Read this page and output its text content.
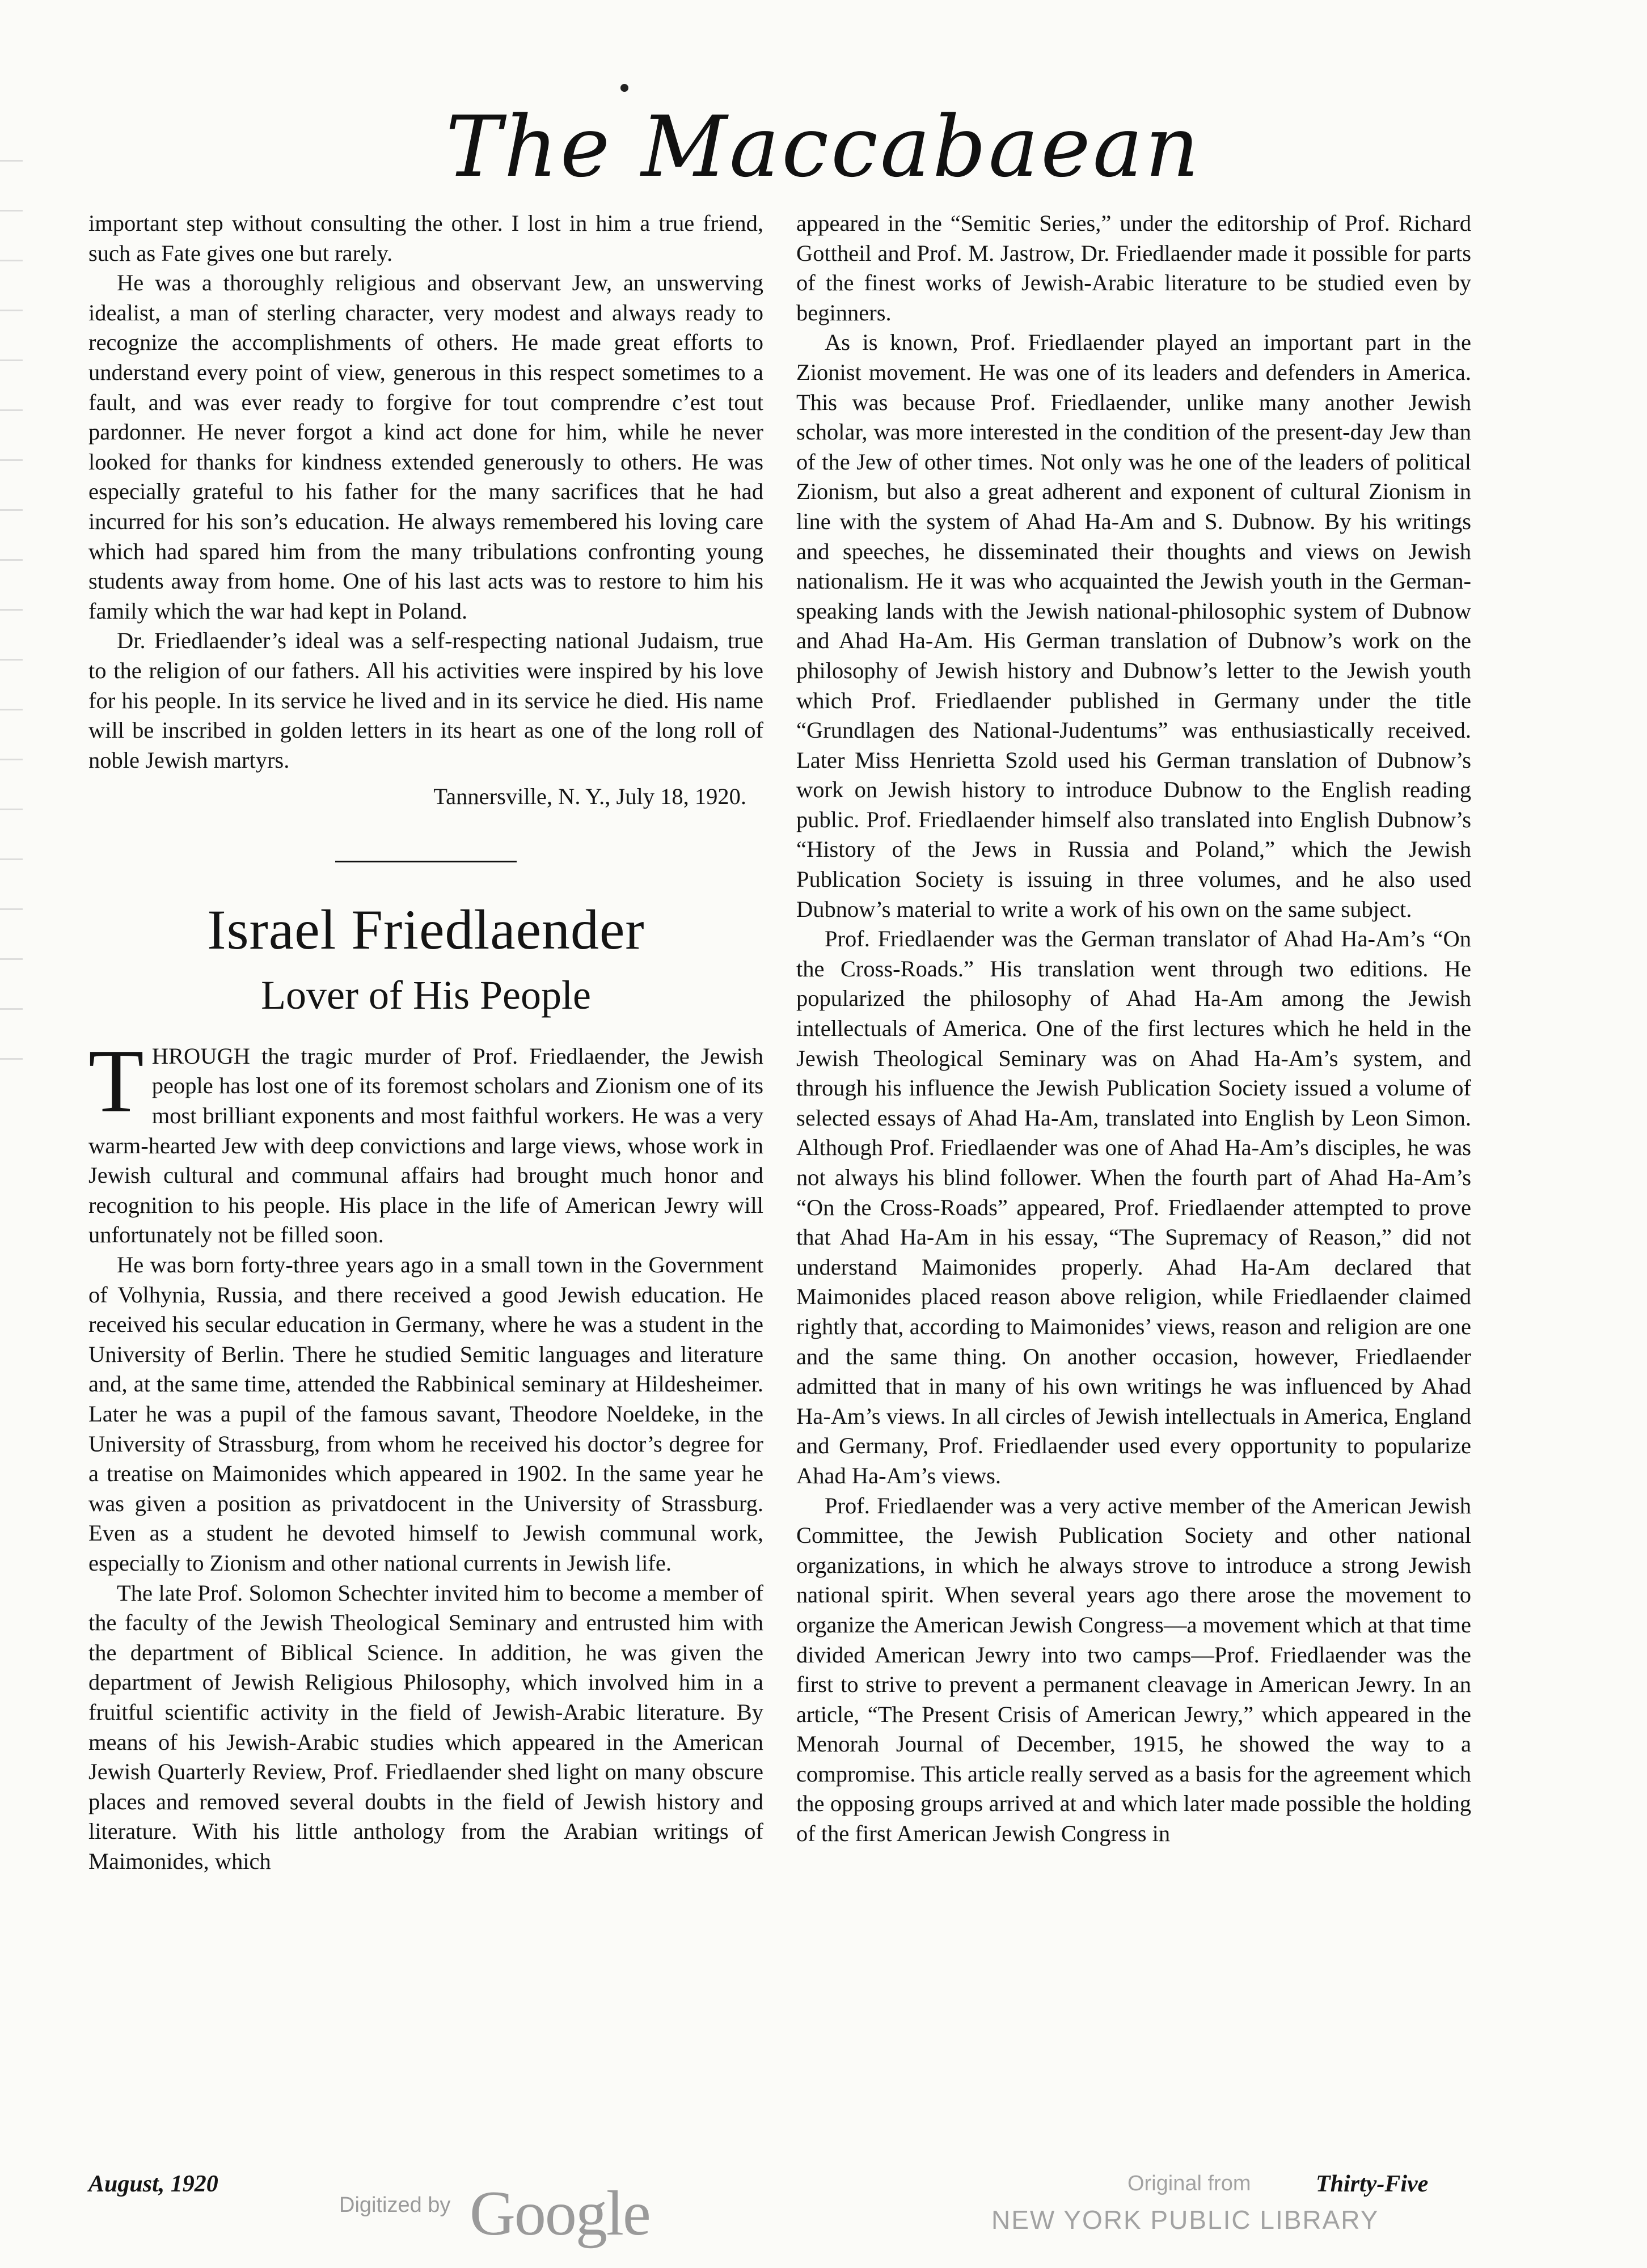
The Maccabaean

important step without consulting the other. I lost in him a true friend, such as Fate gives one but rarely.

He was a thoroughly religious and observant Jew, an unswerving idealist, a man of sterling character, very modest and always ready to recognize the accomplishments of others. He made great efforts to understand every point of view, generous in this respect sometimes to a fault, and was ever ready to forgive for tout comprendre c’est tout pardonner. He never forgot a kind act done for him, while he never looked for thanks for kindness extended generously to others. He was especially grateful to his father for the many sacrifices that he had incurred for his son’s education. He always remembered his loving care which had spared him from the many tribulations confronting young students away from home. One of his last acts was to restore to him his family which the war had kept in Poland.

Dr. Friedlaender’s ideal was a self-respecting national Judaism, true to the religion of our fathers. All his activities were inspired by his love for his people. In its service he lived and in its service he died. His name will be inscribed in golden letters in its heart as one of the long roll of noble Jewish martyrs.

Tannersville, N. Y., July 18, 1920.
Israel Friedlaender
Lover of His People

THROUGH the tragic murder of Prof. Friedlaender, the Jewish people has lost one of its foremost scholars and Zionism one of its most brilliant exponents and most faithful workers. He was a very warm-hearted Jew with deep convictions and large views, whose work in Jewish cultural and communal affairs had brought much honor and recognition to his people. His place in the life of American Jewry will unfortunately not be filled soon.

He was born forty-three years ago in a small town in the Government of Volhynia, Russia, and there received a good Jewish education. He received his secular education in Germany, where he was a student in the University of Berlin. There he studied Semitic languages and literature and, at the same time, attended the Rabbinical seminary at Hildesheimer. Later he was a pupil of the famous savant, Theodore Noeldeke, in the University of Strassburg, from whom he received his doctor’s degree for a treatise on Maimonides which appeared in 1902. In the same year he was given a position as privatdocent in the University of Strassburg. Even as a student he devoted himself to Jewish communal work, especially to Zionism and other national currents in Jewish life.

The late Prof. Solomon Schechter invited him to become a member of the faculty of the Jewish Theological Seminary and entrusted him with the department of Biblical Science. In addition, he was given the department of Jewish Religious Philosophy, which involved him in a fruitful scientific activity in the field of Jewish-Arabic literature. By means of his Jewish-Arabic studies which appeared in the American Jewish Quarterly Review, Prof. Friedlaender shed light on many obscure places and removed several doubts in the field of Jewish history and literature. With his little anthology from the Arabian writings of Maimonides, which

appeared in the “Semitic Series,” under the editorship of Prof. Richard Gottheil and Prof. M. Jastrow, Dr. Friedlaender made it possible for parts of the finest works of Jewish-Arabic literature to be studied even by beginners.

As is known, Prof. Friedlaender played an important part in the Zionist movement. He was one of its leaders and defenders in America. This was because Prof. Friedlaender, unlike many another Jewish scholar, was more interested in the condition of the present-day Jew than of the Jew of other times. Not only was he one of the leaders of political Zionism, but also a great adherent and exponent of cultural Zionism in line with the system of Ahad Ha-Am and S. Dubnow. By his writings and speeches, he disseminated their thoughts and views on Jewish nationalism. He it was who acquainted the Jewish youth in the German-speaking lands with the Jewish national-philosophic system of Dubnow and Ahad Ha-Am. His German translation of Dubnow’s work on the philosophy of Jewish history and Dubnow’s letter to the Jewish youth which Prof. Friedlaender published in Germany under the title “Grundlagen des National-Judentums” was enthusiastically received. Later Miss Henrietta Szold used his German translation of Dubnow’s work on Jewish history to introduce Dubnow to the English reading public. Prof. Friedlaender himself also translated into English Dubnow’s “History of the Jews in Russia and Poland,” which the Jewish Publication Society is issuing in three volumes, and he also used Dubnow’s material to write a work of his own on the same subject.

Prof. Friedlaender was the German translator of Ahad Ha-Am’s “On the Cross-Roads.” His translation went through two editions. He popularized the philosophy of Ahad Ha-Am among the Jewish intellectuals of America. One of the first lectures which he held in the Jewish Theological Seminary was on Ahad Ha-Am’s system, and through his influence the Jewish Publication Society issued a volume of selected essays of Ahad Ha-Am, translated into English by Leon Simon. Although Prof. Friedlaender was one of Ahad Ha-Am’s disciples, he was not always his blind follower. When the fourth part of Ahad Ha-Am’s “On the Cross-Roads” appeared, Prof. Friedlaender attempted to prove that Ahad Ha-Am in his essay, “The Supremacy of Reason,” did not understand Maimonides properly. Ahad Ha-Am declared that Maimonides placed reason above religion, while Friedlaender claimed rightly that, according to Maimonides’ views, reason and religion are one and the same thing. On another occasion, however, Friedlaender admitted that in many of his own writings he was influenced by Ahad Ha-Am’s views. In all circles of Jewish intellectuals in America, England and Germany, Prof. Friedlaender used every opportunity to popularize Ahad Ha-Am’s views.

Prof. Friedlaender was a very active member of the American Jewish Committee, the Jewish Publication Society and other national organizations, in which he always strove to introduce a strong Jewish national spirit. When several years ago there arose the movement to organize the American Jewish Congress—a movement which at that time divided American Jewry into two camps—Prof. Friedlaender was the first to strive to prevent a permanent cleavage in American Jewry. In an article, “The Present Crisis of American Jewry,” which appeared in the Menorah Journal of December, 1915, he showed the way to a compromise. This article really served as a basis for the agreement which the opposing groups arrived at and which later made possible the holding of the first American Jewish Congress in

August, 1920	Thirty-Five
Digitized by Google	Original from
NEW YORK PUBLIC LIBRARY
